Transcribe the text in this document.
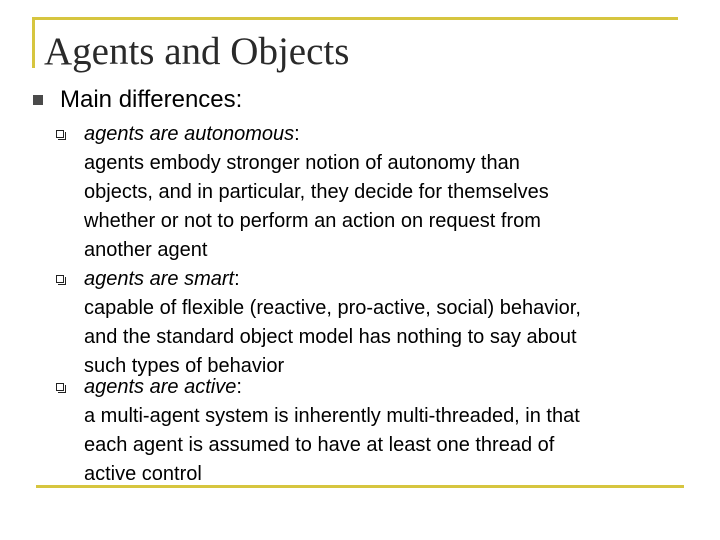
Agents and Objects
Main differences:
agents are autonomous:
agents embody stronger notion of autonomy than
objects, and in particular, they decide for themselves
whether or not to perform an action on request from
another agent
agents are smart:
capable of flexible (reactive, pro-active, social) behavior,
and the standard object model has nothing to say about
such types of behavior
agents are active:
a multi-agent system is inherently multi-threaded, in that
each agent is assumed to have at least one thread of
active control
